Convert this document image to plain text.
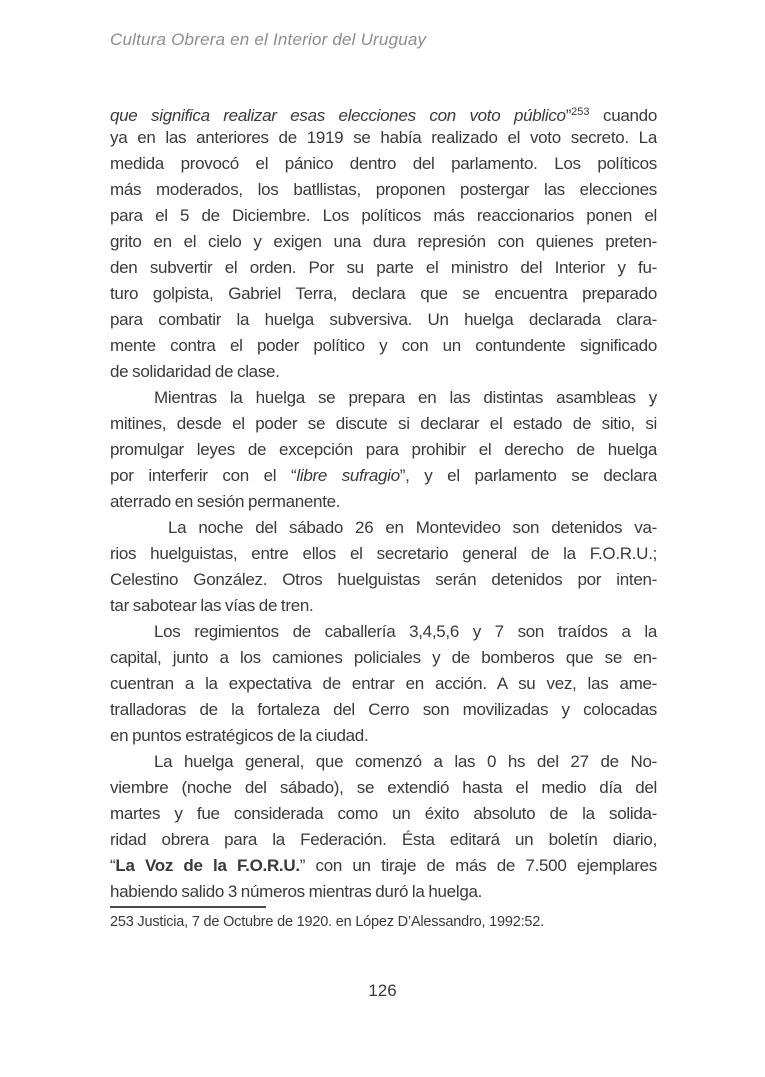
Cultura Obrera en el Interior del Uruguay
que significa realizar esas elecciones con voto público”$^{253}$ cuando
ya en las anteriores de 1919 se había realizado el voto secreto. La
medida provocó el pánico dentro del parlamento. Los políticos
más moderados, los batllistas, proponen postergar las elecciones
para el 5 de Diciembre. Los políticos más reaccionarios ponen el
grito en el cielo y exigen una dura represión con quienes preten-
den subvertir el orden. Por su parte el ministro del Interior y fu-
turo golpista, Gabriel Terra, declara que se encuentra preparado
para combatir la huelga subversiva. Un huelga declarada clara-
mente contra el poder político y con un contundente significado
de solidaridad de clase.
Mientras la huelga se prepara en las distintas asambleas y
mitines, desde el poder se discute si declarar el estado de sitio, si
promulgar leyes de excepción para prohibir el derecho de huelga
por interferir con el “libre sufragio”, y el parlamento se declara
aterrado en sesión permanente.
La noche del sábado 26 en Montevideo son detenidos va-
rios huelguistas, entre ellos el secretario general de la F.O.R.U.;
Celestino González. Otros huelguistas serán detenidos por inten-
tar sabotear las vías de tren.
Los regimientos de caballería 3,4,5,6 y 7 son traídos a la
capital, junto a los camiones policiales y de bomberos que se en-
cuentran a la expectativa de entrar en acción. A su vez, las ame-
tralladoras de la fortaleza del Cerro son movilizadas y colocadas
en puntos estratégicos de la ciudad.
La huelga general, que comenzó a las 0 hs del 27 de No-
viembre (noche del sábado), se extendió hasta el medio día del
martes y fue considerada como un éxito absoluto de la solida-
ridad obrera para la Federación. Ésta editará un boletín diario,
“La Voz de la F.O.R.U.” con un tiraje de más de 7.500 ejemplares
habiendo salido 3 números mientras duró la huelga.
253 Justicia, 7 de Octubre de 1920. en López D’Alessandro, 1992:52.
126
